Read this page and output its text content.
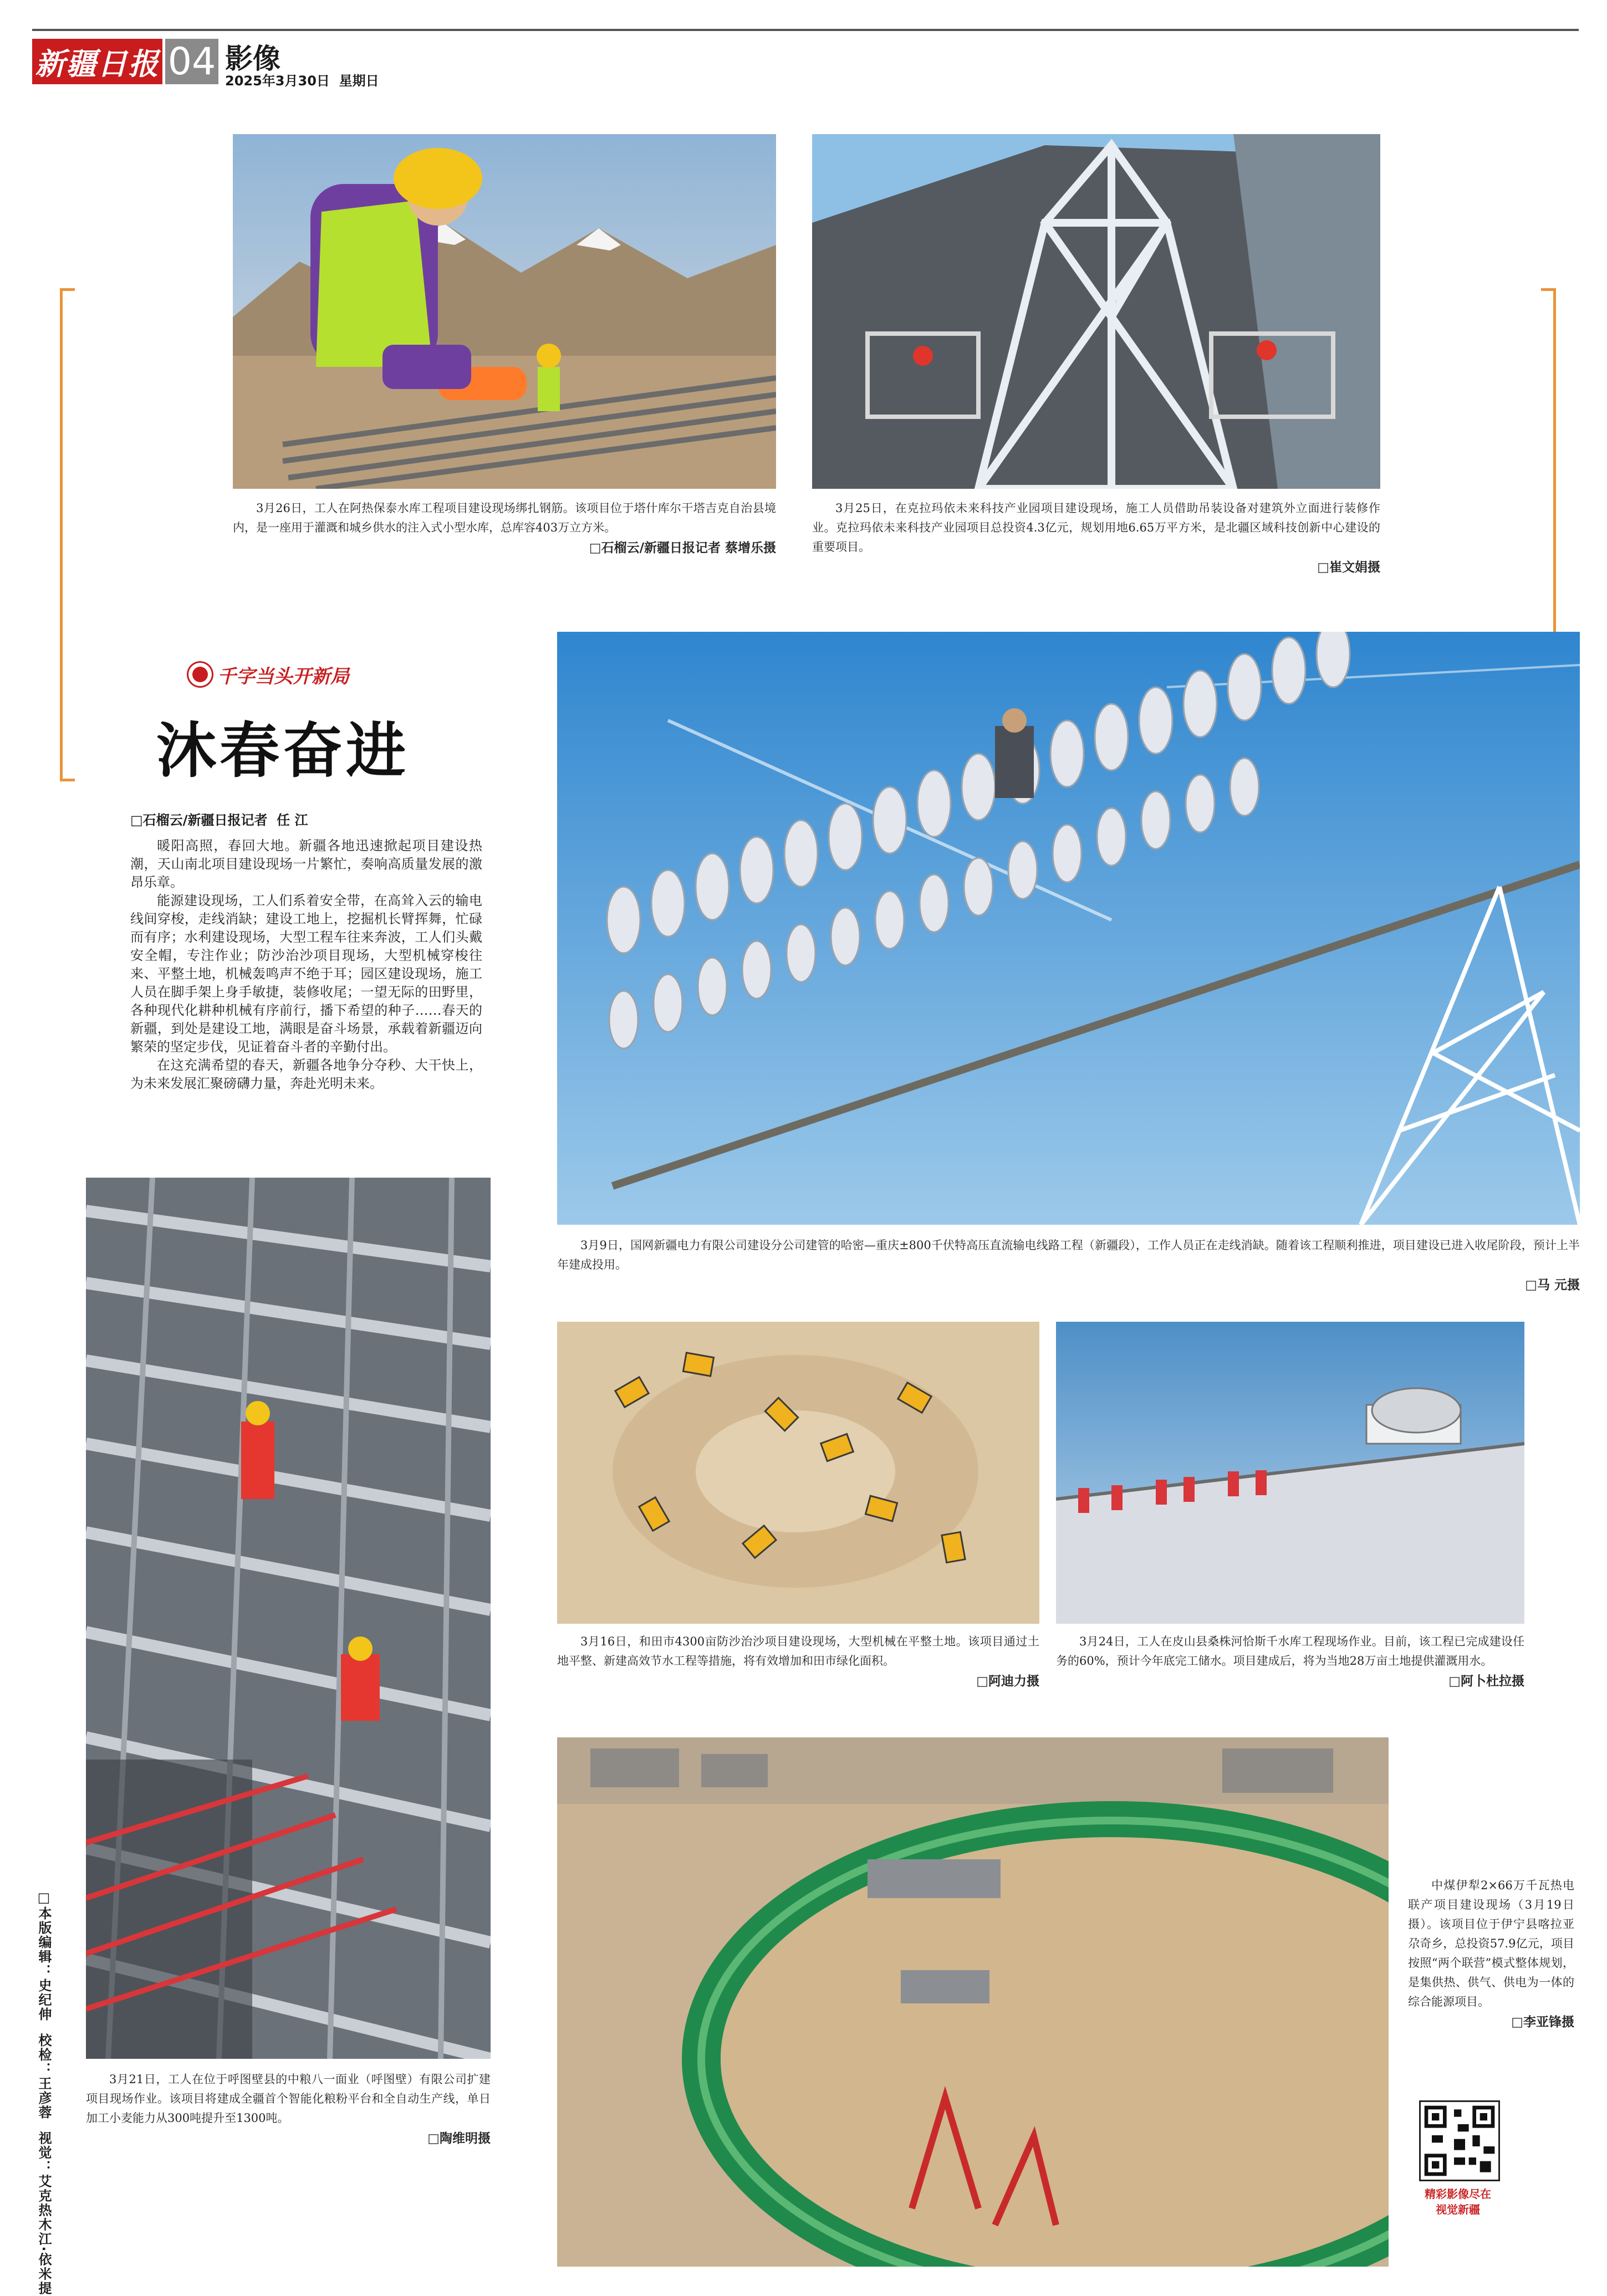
新疆日报 04 影像
2025年3月30日  星期日
3月26日，工人在阿热保泰水库工程项目建设现场绑扎钢筋。该项目位于塔什库尔干塔吉克自治县境内，是一座用于灌溉和城乡供水的注入式小型水库，总库容403万立方米。
□石榴云/新疆日报记者 蔡增乐摄
3月25日，在克拉玛依未来科技产业园项目建设现场，施工人员借助吊装设备对建筑外立面进行装修作业。克拉玛依未来科技产业园项目总投资4.3亿元，规划用地6.65万平方米，是北疆区域科技创新中心建设的重要项目。
□崔文娟摄
千字当头开新局
沐春奋进
□石榴云/新疆日报记者  任 江

暖阳高照，春回大地。新疆各地迅速掀起项目建设热潮，天山南北项目建设现场一片繁忙，奏响高质量发展的激昂乐章。

能源建设现场，工人们系着安全带，在高耸入云的输电线间穿梭，走线消缺；建设工地上，挖掘机长臂挥舞，忙碌而有序；水利建设现场，大型工程车往来奔波，工人们头戴安全帽，专注作业；防沙治沙项目现场，大型机械穿梭往来、平整土地，机械轰鸣声不绝于耳；园区建设现场，施工人员在脚手架上身手敏捷，装修收尾；一望无际的田野里，各种现代化耕种机械有序前行，播下希望的种子……春天的新疆，到处是建设工地，满眼是奋斗场景，承载着新疆迈向繁荣的坚定步伐，见证着奋斗者的辛勤付出。

在这充满希望的春天，新疆各地争分夺秒、大干快上，为未来发展汇聚磅礴力量，奔赴光明未来。

3月9日，国网新疆电力有限公司建设分公司建管的哈密—重庆±800千伏特高压直流输电线路工程（新疆段），工作人员正在走线消缺。随着该工程顺利推进，项目建设已进入收尾阶段，预计上半年建成投用。
□马 元摄
3月21日，工人在位于呼图壁县的中粮八一面业（呼图壁）有限公司扩建项目现场作业。该项目将建成全疆首个智能化粮粉平台和全自动生产线，单日加工小麦能力从300吨提升至1300吨。
□陶维明摄
3月16日，和田市4300亩防沙治沙项目建设现场，大型机械在平整土地。该项目通过土地平整、新建高效节水工程等措施，将有效增加和田市绿化面积。
□阿迪力摄
3月24日，工人在皮山县桑株河恰斯千水库工程现场作业。目前，该工程已完成建设任务的60%，预计今年底完工储水。项目建成后，将为当地28万亩土地提供灌溉用水。
□阿卜杜拉摄
中煤伊犁2×66万千瓦热电联产项目建设现场（3月19日摄）。该项目位于伊宁县喀拉亚尕奇乡，总投资57.9亿元，项目按照“两个联营”模式整体规划，是集供热、供气、供电为一体的综合能源项目。
□李亚锋摄
精彩影像尽在
视觉新疆
□本版编辑：史纪伸  校检：王彦蓉  视觉：艾克热木江·依米提
